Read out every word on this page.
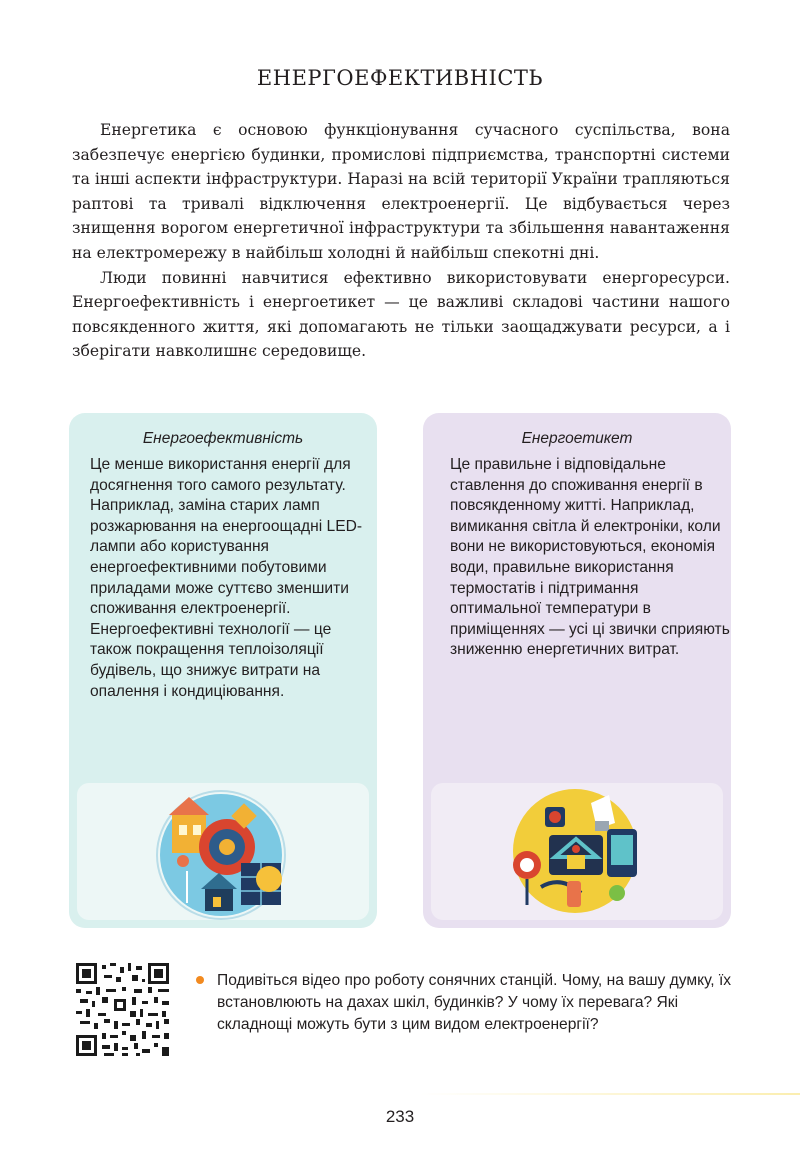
ЕНЕРГОЕФЕКТИВНІСТЬ

Енергетика є основою функціонування сучасного суспільства, вона забезпечує енергією будинки, промислові підприємства, транспортні системи та інші аспекти інфраструктури. Наразі на всій території України трапляються раптові та тривалі відключення електроенергії. Це відбувається через знищення ворогом енергетичної інфраструктури та збільшення навантаження на електромережу в найбільш холодні й найбільш спекотні дні.

Люди повинні навчитися ефективно використовувати енергоресурси. Енергоефективність і енергоетикет — це важливі складові частини нашого повсякденного життя, які допомагають не тільки заощаджувати ресурси, а і зберігати навколишнє середовище.

Енергоефективність
Це менше використання енергії для досягнення того самого результату. Наприклад, заміна старих ламп розжарювання на енергоощадні LED-лампи або користування енергоефективними побутовими приладами може суттєво зменшити споживання електроенергії. Енергоефективні технології — це також покращення теплоізоляції будівель, що знижує витрати на опалення і кондиціювання.
Енергоетикет
Це правильне і відповідальне ставлення до споживання енергії в повсякденному житті. Наприклад, вимикання світла й електроніки, коли вони не використовуються, економія води, правильне використання термостатів і підтримання оптимальної температури в приміщеннях — усі ці звички сприяють зниженню енергетичних витрат.
Подивіться відео про роботу сонячних станцій. Чому, на вашу думку, їх встановлюють на дахах шкіл, будинків? У чому їх перевага? Які складнощі можуть бути з цим видом електроенергії?
233
